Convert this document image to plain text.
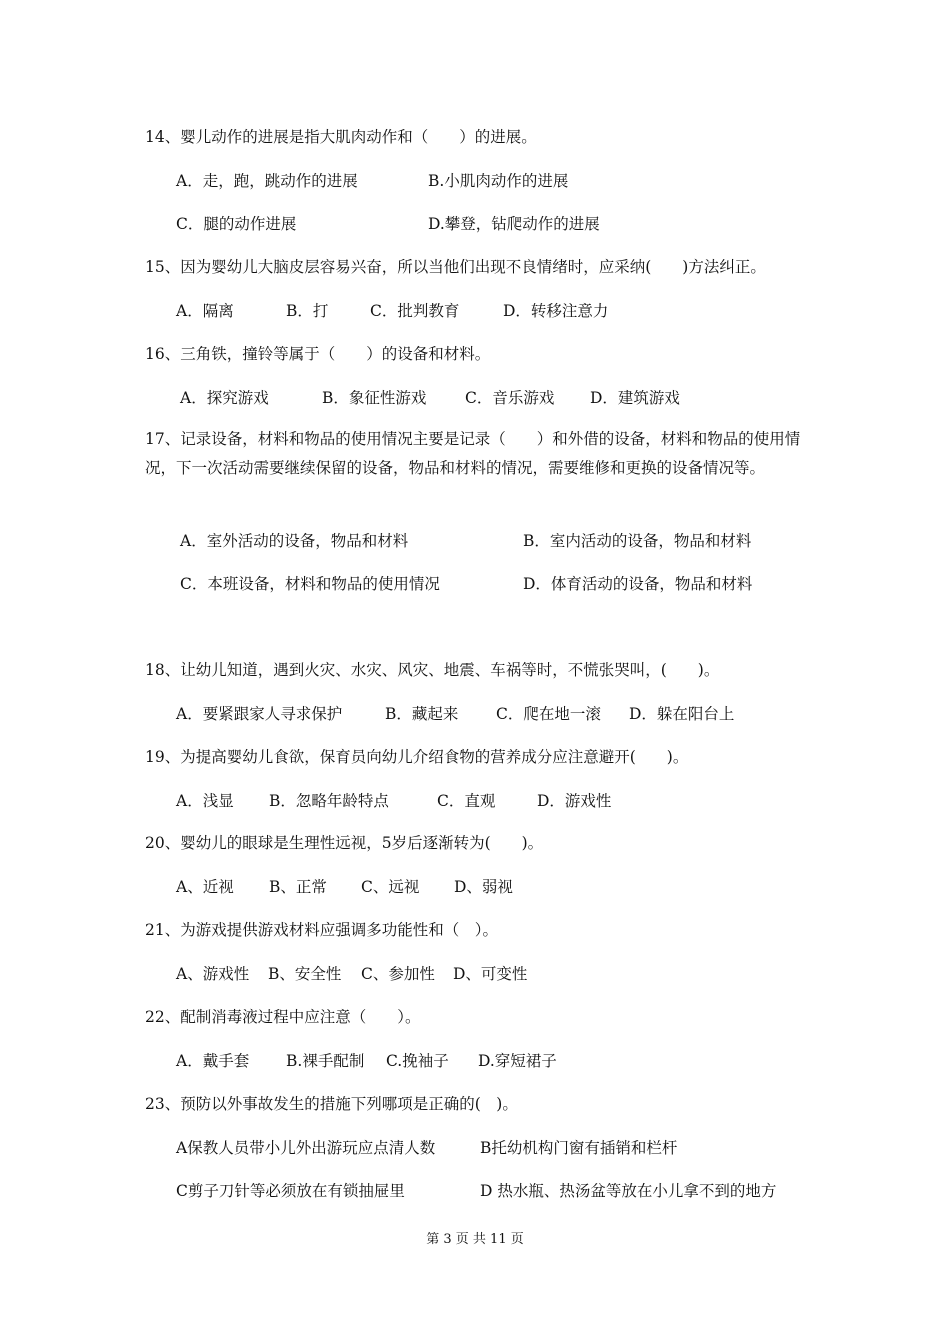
14、婴儿动作的进展是指大肌肉动作和（　　）的进展。
A．走，跑，跳动作的进展	B.小肌肉动作的进展
C．腿的动作进展	D.攀登，钻爬动作的进展
15、因为婴幼儿大脑皮层容易兴奋，所以当他们出现不良情绪时，应采纳(　　)方法纠正。
A．隔离	B．打	C．批判教育	D．转移注意力
16、三角铁，撞铃等属于（　　）的设备和材料。
A．探究游戏	B．象征性游戏 C．音乐游戏 D．建筑游戏
17、记录设备，材料和物品的使用情况主要是记录（　　）和外借的设备，材料和物品的使用情况，下一次活动需要继续保留的设备，物品和材料的情况，需要维修和更换的设备情况等。
A．室外活动的设备，物品和材料	B．室内活动的设备，物品和材料
C．本班设备，材料和物品的使用情况	D．体育活动的设备，物品和材料
18、让幼儿知道，遇到火灾、水灾、风灾、地震、车祸等时，不慌张哭叫，(　　)。
A．要紧跟家人寻求保护	B．藏起来 C．爬在地一滚 D．躲在阳台上
19、为提高婴幼儿食欲，保育员向幼儿介绍食物的营养成分应注意避开(　　)。
A．浅显 B．忽略年龄特点	C．直观	D．游戏性
20、婴幼儿的眼球是生理性远视，5岁后逐渐转为(　　)。
A、近视 B、正常 C、远视 D、弱视
21、为游戏提供游戏材料应强调多功能性和（　）。
A、游戏性 B、安全性 C、参加性 D、可变性
22、配制消毒液过程中应注意（　　）。
A．戴手套 B.裸手配制 C.挽袖子 D.穿短裙子
23、预防以外事故发生的措施下列哪项是正确的(　)。
A保教人员带小儿外出游玩应点清人数	B托幼机构门窗有插销和栏杆
C剪子刀针等必须放在有锁抽屉里	D 热水瓶、热汤盆等放在小儿拿不到的地方
第 3 页 共 11 页
